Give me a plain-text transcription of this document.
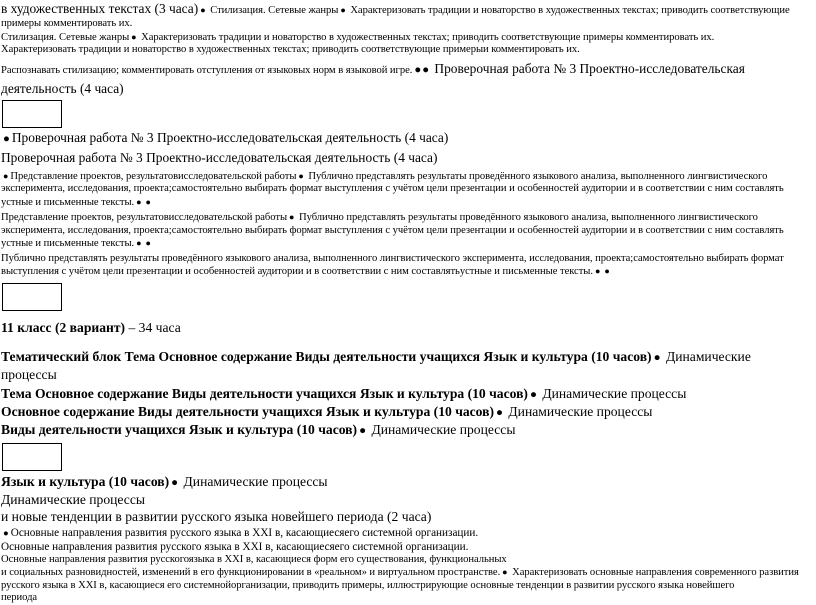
в художественных текстах (3 часа)● Стилизация. Сетевые жанры● Характеризовать традиции и новаторство в художественных текстах; приводить соответствующие

примеры комментировать их.

Стилизация. Сетевые жанры● Характеризовать традиции и новаторство в художественных текстах; приводить соответствующие примеры комментировать их.

Характеризовать традиции и новаторство в художественных текстах; приводить соответствующие примерыи комментировать их.

Распознавать стилизацию; комментировать отступления от языковых норм в языковой игре.● ● Проверочная работа № 3 Проектно-исследовательская

деятельность (4 часа)

● Проверочная работа № 3 Проектно-исследовательская деятельность (4 часа)

Проверочная работа № 3 Проектно-исследовательская деятельность (4 часа)

● Представление проектов, результатовисследовательской работы● Публично представлять результаты проведённого языкового анализа, выполненного лингвистического

эксперимента, исследования, проекта;самостоятельно выбирать формат выступления с учётом цели презентации и особенностей аудитории и в соответствии с ним составлять

устные и письменные тексты.● ●

Представление проектов, результатовисследовательской работы● Публично представлять результаты проведённого языкового анализа, выполненного лингвистического

эксперимента, исследования, проекта;самостоятельно выбирать формат выступления с учётом цели презентации и особенностей аудитории и в соответствии с ним составлять

устные и письменные тексты.● ●

Публично представлять результаты проведённого языкового анализа, выполненного лингвистического эксперимента, исследования, проекта;самостоятельно выбирать формат

выступления с учётом цели презентации и особенностей аудитории и в соответствии с ним составлятьустные и письменные тексты.● ●

11 класс (2 вариант) – 34 часа

Тематический блок Тема Основное содержание Виды деятельности учащихся Язык и культура (10 часов)● Динамические

процессы

Тема Основное содержание Виды деятельности учащихся Язык и культура (10 часов)● Динамические процессы

Основное содержание Виды деятельности учащихся Язык и культура (10 часов)● Динамические процессы

Виды деятельности учащихся Язык и культура (10 часов)● Динамические процессы

Язык и культура (10 часов)● Динамические процессы

Динамические процессы

и новые тенденции в развитии русского языка новейшего периода (2 часа)

● Основные направления развития русского языка в XXI в, касающиесяего системной организации.

Основные направления развития русского языка в XXI в, касающиесяего системной организации.

Основные направления развития русскогоязыка в XXI в, касающиеся форм его существования, функциональных

и социальных разновидностей, изменений в его функционировании в «реальном» и виртуальном пространстве.● Характеризовать основные направления современного развития

русского языка в XXI в, касающиеся его системнойорганизации, приводить примеры, иллюстрирующие основные тенденции в развитии русского языка новейшего

периода
